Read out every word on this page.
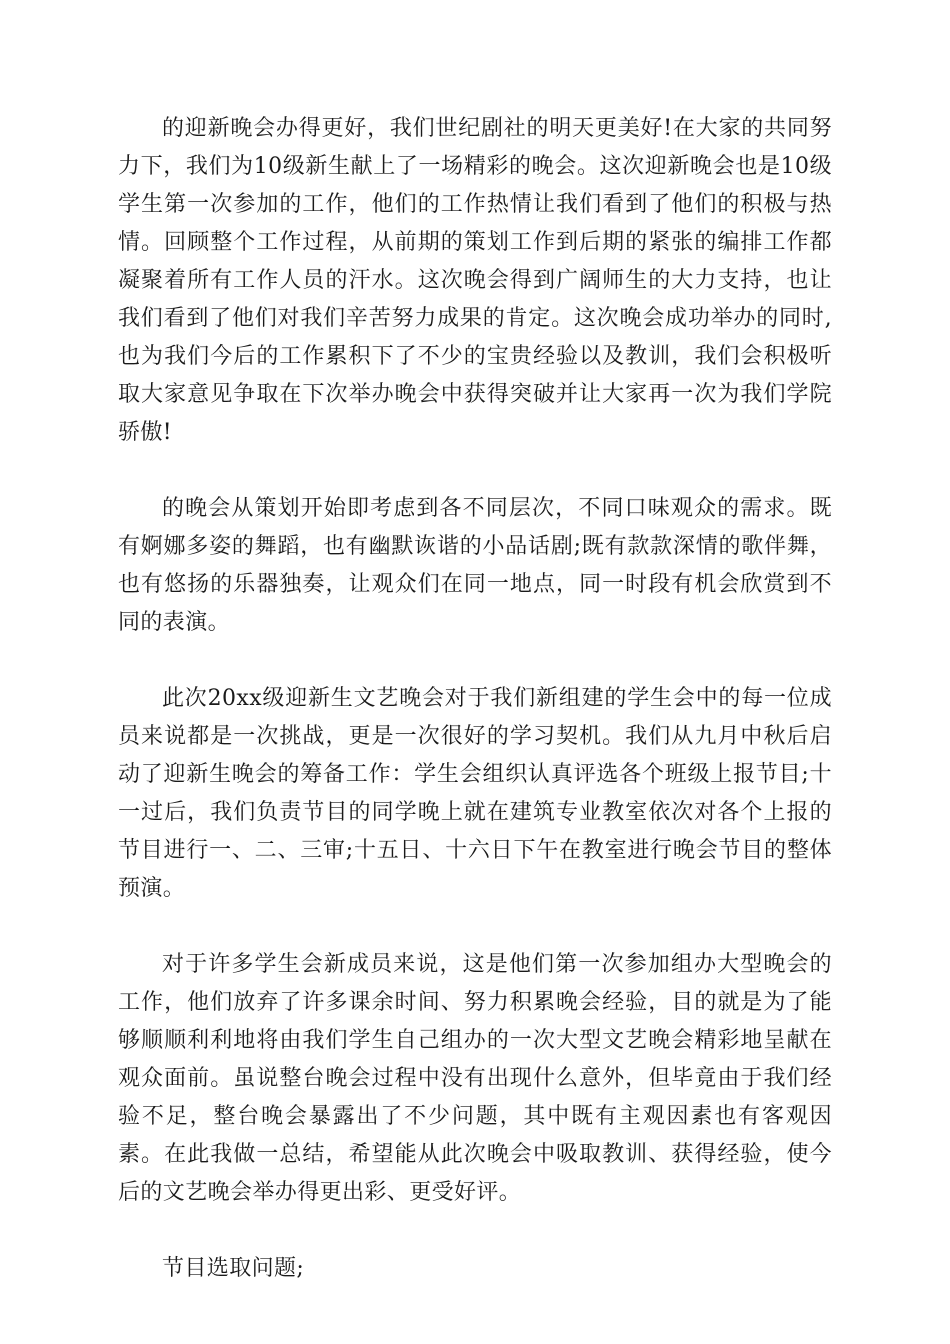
的迎新晚会办得更好，我们世纪剧社的明天更美好!在大家的共同努力下，我们为10级新生献上了一场精彩的晚会。这次迎新晚会也是10级学生第一次参加的工作，他们的工作热情让我们看到了他们的积极与热情。回顾整个工作过程，从前期的策划工作到后期的紧张的编排工作都凝聚着所有工作人员的汗水。这次晚会得到广阔师生的大力支持，也让我们看到了他们对我们辛苦努力成果的肯定。这次晚会成功举办的同时,也为我们今后的工作累积下了不少的宝贵经验以及教训，我们会积极听取大家意见争取在下次举办晚会中获得突破并让大家再一次为我们学院骄傲!

的晚会从策划开始即考虑到各不同层次，不同口味观众的需求。既有婀娜多姿的舞蹈，也有幽默诙谐的小品话剧;既有款款深情的歌伴舞，也有悠扬的乐器独奏，让观众们在同一地点，同一时段有机会欣赏到不同的表演。

此次20xx级迎新生文艺晚会对于我们新组建的学生会中的每一位成员来说都是一次挑战，更是一次很好的学习契机。我们从九月中秋后启动了迎新生晚会的筹备工作：学生会组织认真评选各个班级上报节目;十一过后，我们负责节目的同学晚上就在建筑专业教室依次对各个上报的节目进行一、二、三审;十五日、十六日下午在教室进行晚会节目的整体预演。

对于许多学生会新成员来说，这是他们第一次参加组办大型晚会的工作，他们放弃了许多课余时间、努力积累晚会经验，目的就是为了能够顺顺利利地将由我们学生自己组办的一次大型文艺晚会精彩地呈献在观众面前。虽说整台晚会过程中没有出现什么意外，但毕竟由于我们经验不足，整台晚会暴露出了不少问题，其中既有主观因素也有客观因素。在此我做一总结，希望能从此次晚会中吸取教训、获得经验，使今后的文艺晚会举办得更出彩、更受好评。

节目选取问题;
